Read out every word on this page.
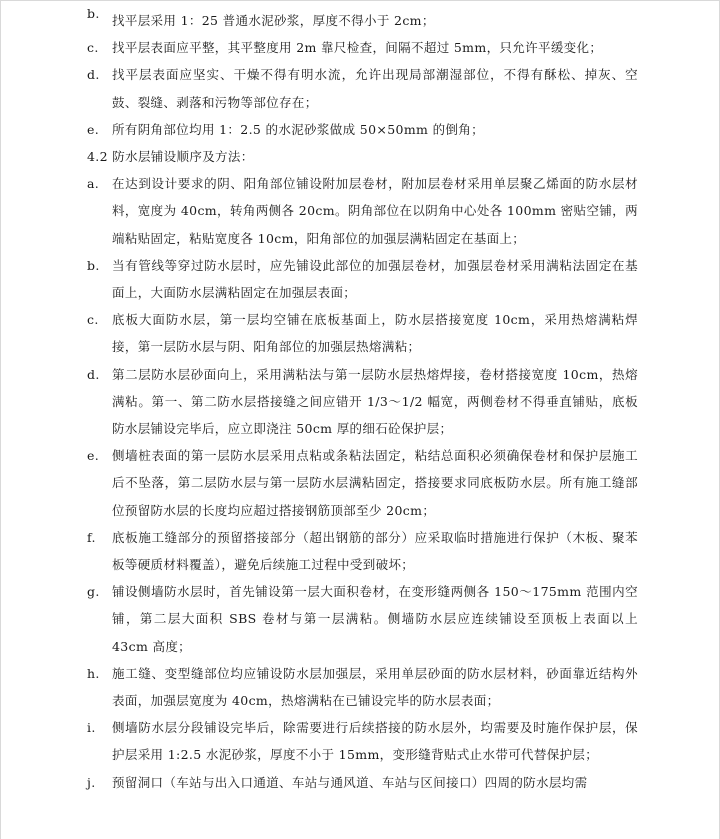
b. 找平层采用 1：25 普通水泥砂浆，厚度不得小于 2cm；
c.	找平层表面应平整，其平整度用 2m 靠尺检查，间隔不超过 5mm，只允许平缓变化；
d. 找平层表面应坚实、干燥不得有明水流，允许出现局部潮湿部位，不得有酥松、掉灰、空鼓、裂缝、剥落和污物等部位存在；
e.	所有阴角部位均用 1：2.5 的水泥砂浆做成 50×50mm 的倒角；
4.2 防水层铺设顺序及方法：
a.	在达到设计要求的阴、阳角部位铺设附加层卷材，附加层卷材采用单层聚乙烯面的防水层材料，宽度为 40cm，转角两侧各 20cm。阴角部位在以阴角中心处各 100mm 密贴空铺，两端粘贴固定，粘贴宽度各 10cm，阳角部位的加强层满粘固定在基面上；
b. 当有管线等穿过防水层时，应先铺设此部位的加强层卷材，加强层卷材采用满粘法固定在基面上，大面防水层满粘固定在加强层表面；
c.	底板大面防水层，第一层均空铺在底板基面上，防水层搭接宽度 10cm，采用热熔满粘焊接，第一层防水层与阴、阳角部位的加强层热熔满粘；
d. 第二层防水层砂面向上，采用满粘法与第一层防水层热熔焊接，卷材搭接宽度 10cm，热熔满粘。第一、第二防水层搭接缝之间应错开 1/3～1/2 幅宽，两侧卷材不得垂直铺贴，底板防水层铺设完毕后，应立即浇注 50cm 厚的细石砼保护层；
e.	侧墙桩表面的第一层防水层采用点粘或条粘法固定，粘结总面积必须确保卷材和保护层施工后不坠落，第二层防水层与第一层防水层满粘固定，搭接要求同底板防水层。所有施工缝部位预留防水层的长度均应超过搭接钢筋顶部至少 20cm；
f.	底板施工缝部分的预留搭接部分（超出钢筋的部分）应采取临时措施进行保护（木板、聚苯板等硬质材料覆盖），避免后续施工过程中受到破坏；
g. 铺设侧墙防水层时，首先铺设第一层大面积卷材，在变形缝两侧各 150～175mm 范围内空铺，第二层大面积 SBS 卷材与第一层满粘。侧墙防水层应连续铺设至顶板上表面以上 43cm 高度；
h. 施工缝、变型缝部位均应铺设防水层加强层，采用单层砂面的防水层材料，砂面靠近结构外表面，加强层宽度为 40cm，热熔满粘在已铺设完毕的防水层表面；
i.	侧墙防水层分段铺设完毕后，除需要进行后续搭接的防水层外，均需要及时施作保护层，保护层采用 1:2.5 水泥砂浆，厚度不小于 15mm，变形缝背贴式止水带可代替保护层；
j.	预留洞口（车站与出入口通道、车站与通风道、车站与区间接口）四周的防水层均需
